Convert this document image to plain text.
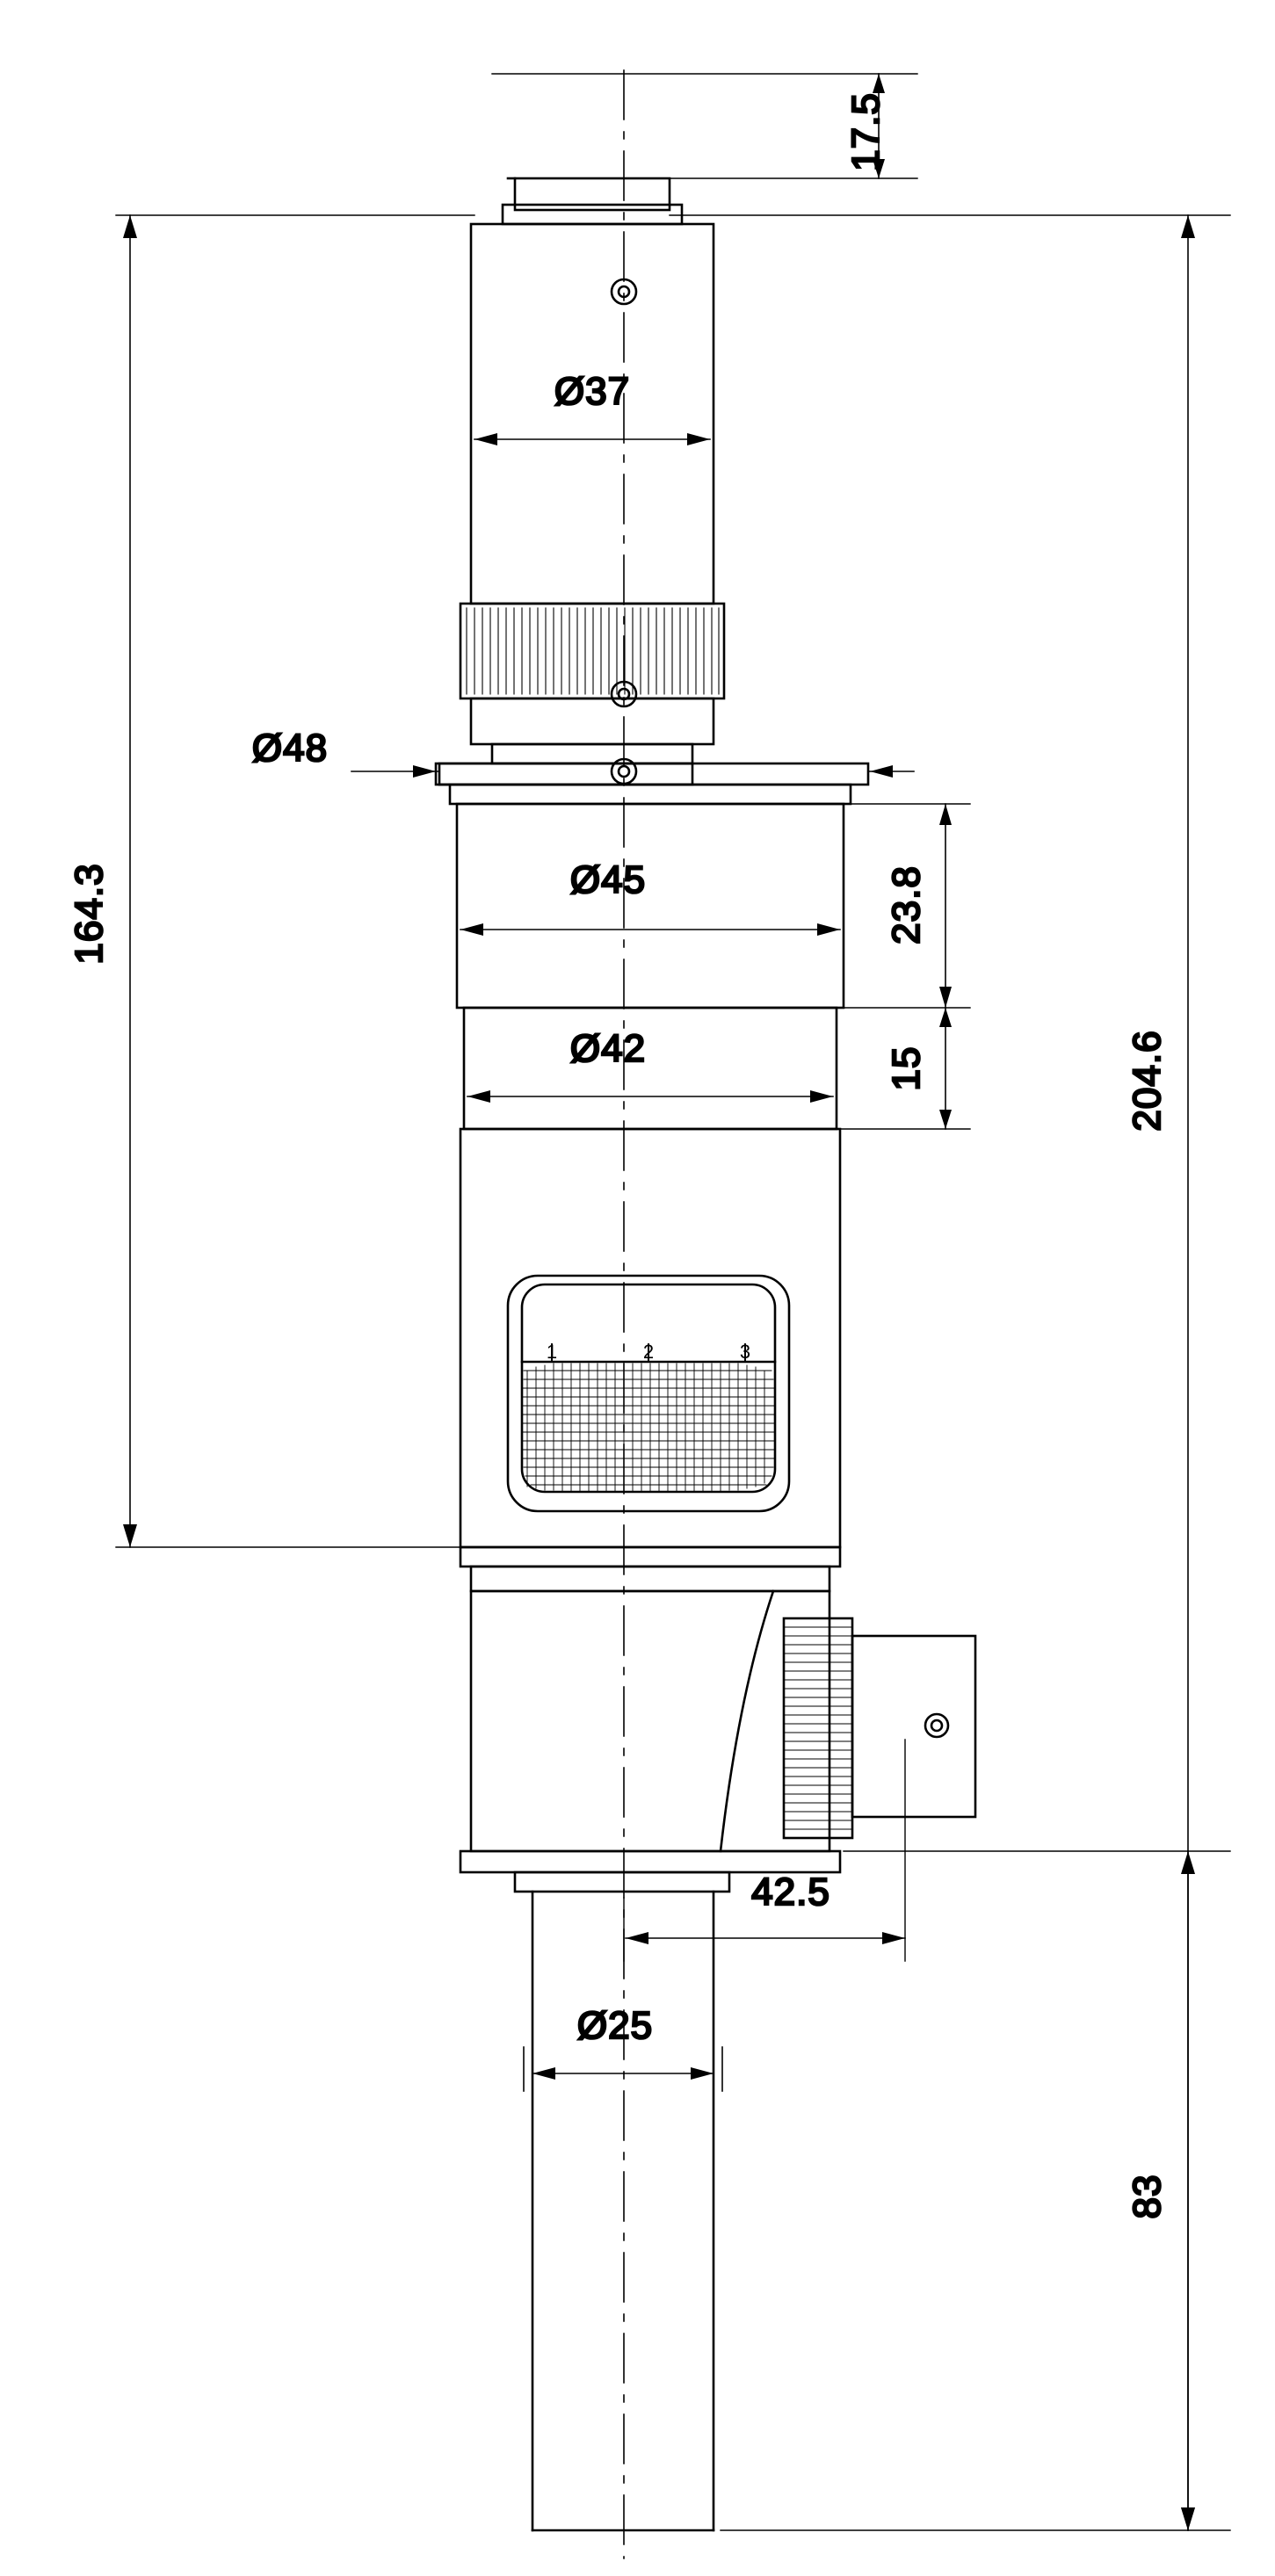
17.5
204.6
164.3
83
23.8
15
Ø37
Ø48
Ø45
Ø42
42.5
Ø25
1	2	3
